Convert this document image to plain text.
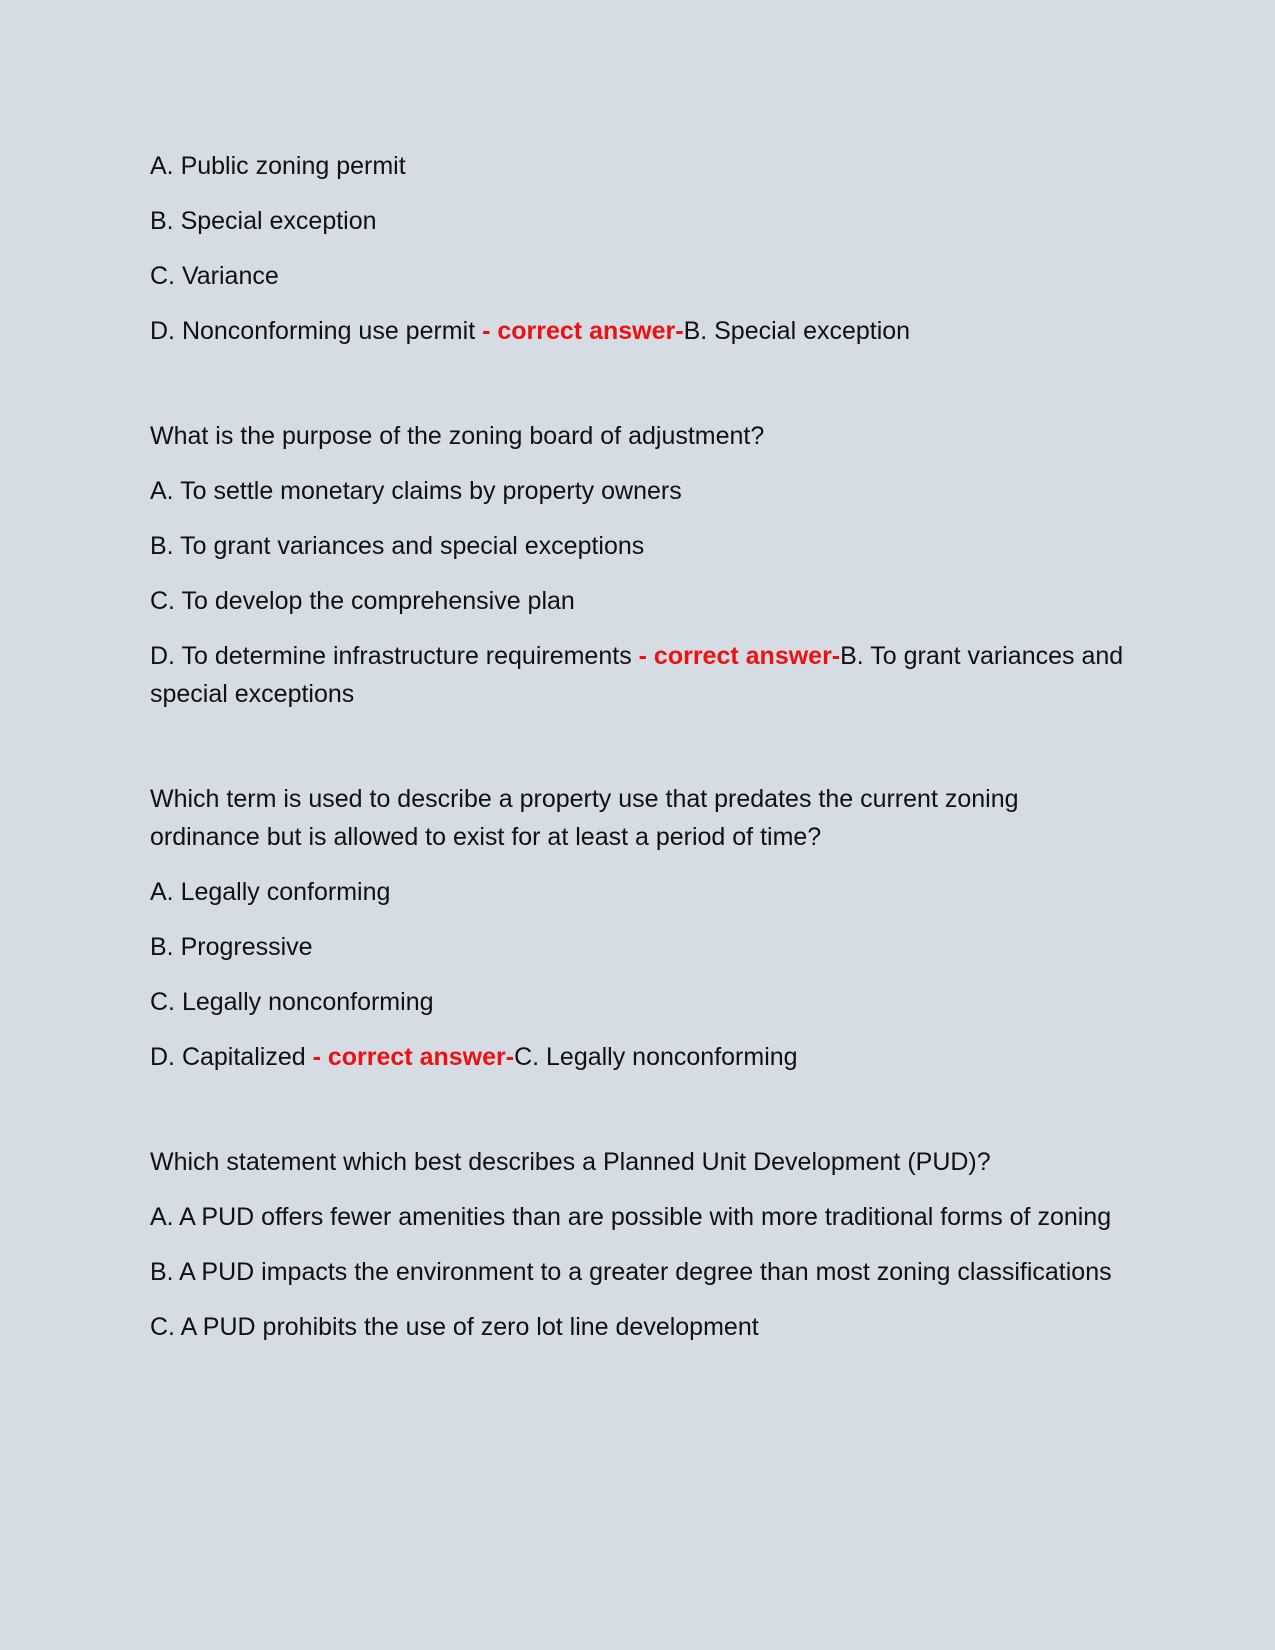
A. Public zoning permit

B. Special exception

C. Variance

D. Nonconforming use permit - correct answer-B. Special exception

What is the purpose of the zoning board of adjustment?

A. To settle monetary claims by property owners

B. To grant variances and special exceptions

C. To develop the comprehensive plan

D. To determine infrastructure requirements - correct answer-B. To grant variances and special exceptions

Which term is used to describe a property use that predates the current zoning ordinance but is allowed to exist for at least a period of time?

A. Legally conforming

B. Progressive

C. Legally nonconforming

D. Capitalized - correct answer-C. Legally nonconforming

Which statement which best describes a Planned Unit Development (PUD)?

A. A PUD offers fewer amenities than are possible with more traditional forms of zoning

B. A PUD impacts the environment to a greater degree than most zoning classifications

C. A PUD prohibits the use of zero lot line development
